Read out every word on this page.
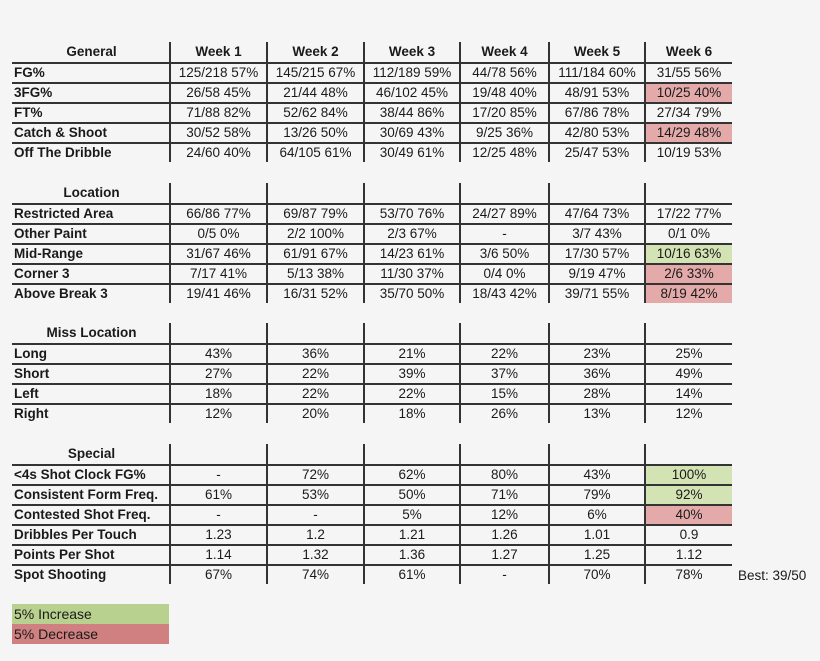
General	Week 1	Week 2	Week 3	Week 4	Week 5	Week 6
FG%	125/218 57%	145/215 67%	112/189 59%	44/78 56%	111/184 60%	31/55 56%
3FG%	26/58 45%	21/44 48%	46/102 45%	19/48 40%	48/91 53%	10/25 40%
FT%	71/88 82%	52/62 84%	38/44 86%	17/20 85%	67/86 78%	27/34 79%
Catch & Shoot	30/52 58%	13/26 50%	30/69 43%	9/25 36%	42/80 53%	14/29 48%
Off The Dribble	24/60 40%	64/105 61%	30/49 61%	12/25 48%	25/47 53%	10/19 53%
Location
Restricted Area	66/86 77%	69/87 79%	53/70 76%	24/27 89%	47/64 73%	17/22 77%
Other Paint	0/5 0%	2/2 100%	2/3 67%	-	3/7 43%	0/1 0%
Mid-Range	31/67 46%	61/91 67%	14/23 61%	3/6 50%	17/30 57%	10/16 63%
Corner 3	7/17 41%	5/13 38%	11/30 37%	0/4 0%	9/19 47%	2/6 33%
Above Break 3	19/41 46%	16/31 52%	35/70 50%	18/43 42%	39/71 55%	8/19 42%
Miss Location
Long	43%	36%	21%	22%	23%	25%
Short	27%	22%	39%	37%	36%	49%
Left	18%	22%	22%	15%	28%	14%
Right	12%	20%	18%	26%	13%	12%
Special
<4s Shot Clock FG%	-	72%	62%	80%	43%	100%
Consistent Form Freq.	61%	53%	50%	71%	79%	92%
Contested Shot Freq.	-	-	5%	12%	6%	40%
Dribbles Per Touch	1.23	1.2	1.21	1.26	1.01	0.9
Points Per Shot	1.14	1.32	1.36	1.27	1.25	1.12
Spot Shooting	67%	74%	61%	-	70%	78%	Best: 39/50
5% Increase
5% Decrease
